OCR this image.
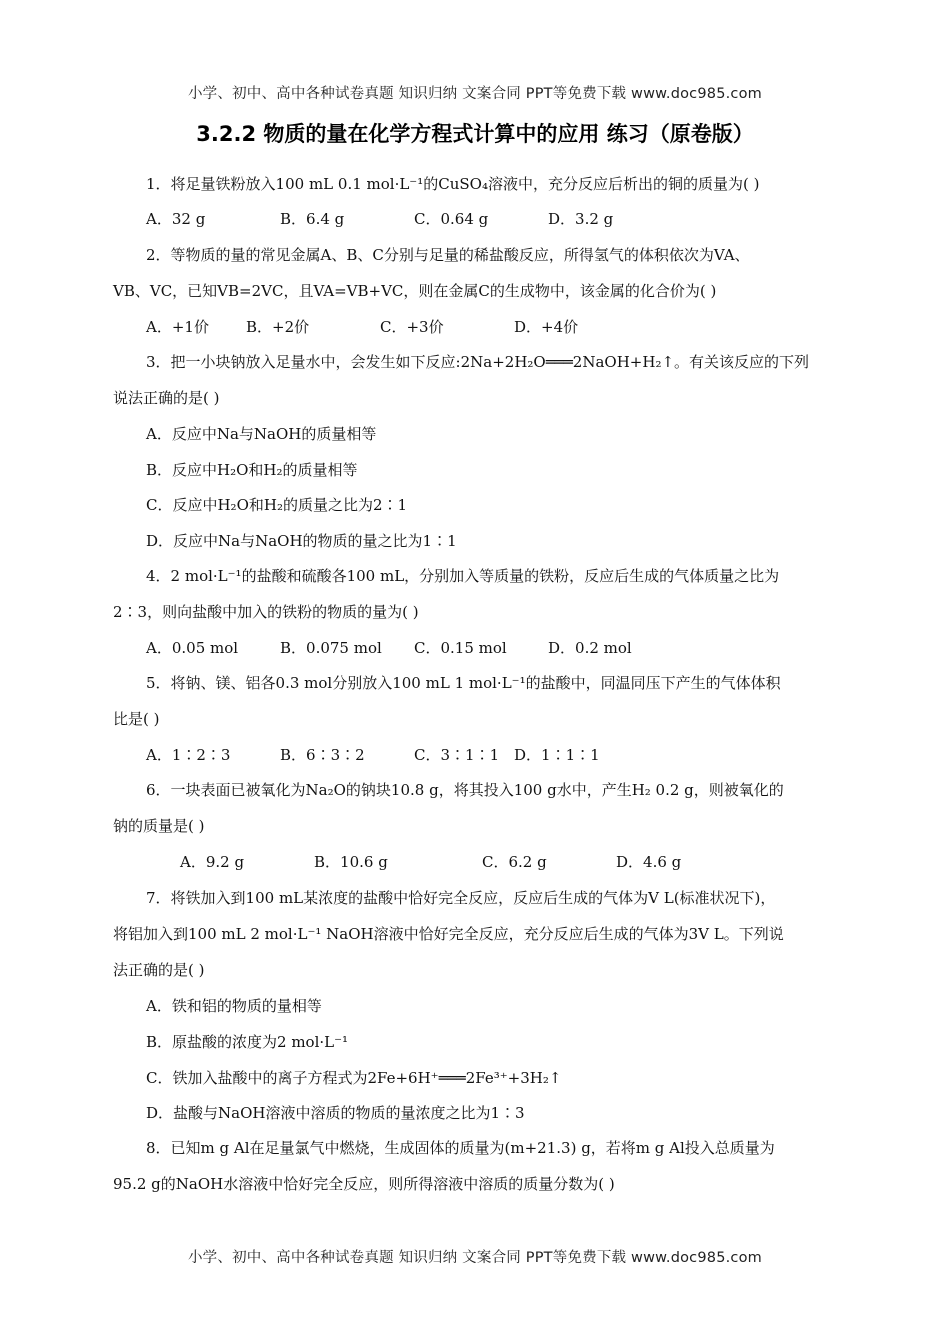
小学、初中、高中各种试卷真题 知识归纳 文案合同 PPT等免费下载 www.doc985.com
3.2.2 物质的量在化学方程式计算中的应用 练习（原卷版）
1．将足量铁粉放入100 mL 0.1 mol·L⁻¹的CuSO₄溶液中，充分反应后析出的铜的质量为( )
A．32 g	B．6.4 g	C．0.64 g	D．3.2 g
2．等物质的量的常见金属A、B、C分别与足量的稀盐酸反应，所得氢气的体积依次为VA、
VB、VC，已知VB=2VC，且VA=VB+VC，则在金属C的生成物中，该金属的化合价为( )
A．+1价 B．+2价	C．+3价	D．+4价
3．把一小块钠放入足量水中，会发生如下反应:2Na+2H₂O═══2NaOH+H₂↑。有关该反应的下列
说法正确的是( )
A．反应中Na与NaOH的质量相等
B．反应中H₂O和H₂的质量相等
C．反应中H₂O和H₂的质量之比为2∶1
D．反应中Na与NaOH的物质的量之比为1∶1
4．2 mol·L⁻¹的盐酸和硫酸各100 mL，分别加入等质量的铁粉，反应后生成的气体质量之比为
2∶3，则向盐酸中加入的铁粉的物质的量为( )
A．0.05 mol	B．0.075 mol C．0.15 mol	D．0.2 mol
5．将钠、镁、铝各0.3 mol分别放入100 mL 1 mol·L⁻¹的盐酸中，同温同压下产生的气体体积
比是( )
A．1∶2∶3	B．6∶3∶2	C．3∶1∶1 D．1∶1∶1
6．一块表面已被氧化为Na₂O的钠块10.8 g，将其投入100 g水中，产生H₂ 0.2 g，则被氧化的
钠的质量是( )
A．9.2 g	B．10.6 g	C．6.2 g	D．4.6 g
7．将铁加入到100 mL某浓度的盐酸中恰好完全反应，反应后生成的气体为V L(标准状况下)，
将铝加入到100 mL 2 mol·L⁻¹ NaOH溶液中恰好完全反应，充分反应后生成的气体为3V L。下列说
法正确的是( )
A．铁和铝的物质的量相等
B．原盐酸的浓度为2 mol·L⁻¹
C．铁加入盐酸中的离子方程式为2Fe+6H⁺═══2Fe³⁺+3H₂↑
D．盐酸与NaOH溶液中溶质的物质的量浓度之比为1∶3
8．已知m g Al在足量氯气中燃烧，生成固体的质量为(m+21.3) g，若将m g Al投入总质量为
95.2 g的NaOH水溶液中恰好完全反应，则所得溶液中溶质的质量分数为( )
小学、初中、高中各种试卷真题 知识归纳 文案合同 PPT等免费下载 www.doc985.com
